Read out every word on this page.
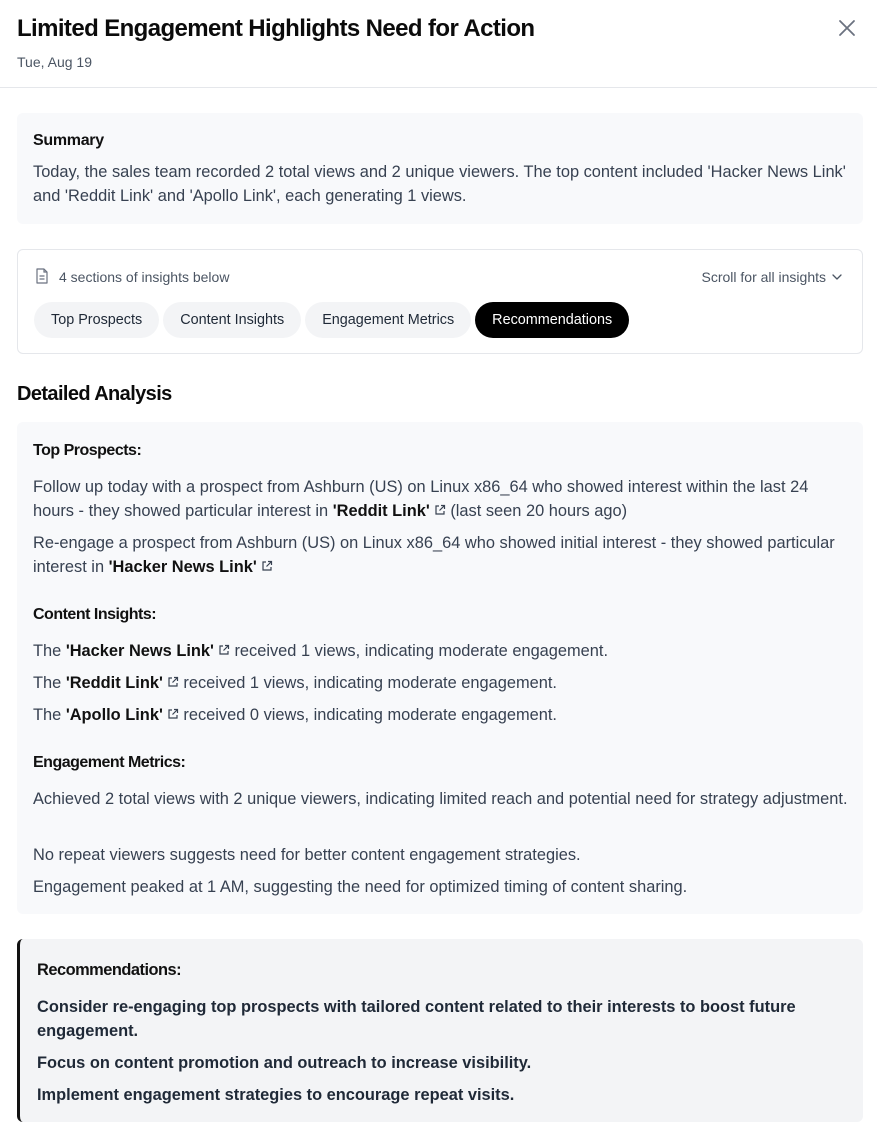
Limited Engagement Highlights Need for Action
Tue, Aug 19
Summary
Today, the sales team recorded 2 total views and 2 unique viewers. The top content included 'Hacker News Link' and 'Reddit Link' and 'Apollo Link', each generating 1 views.
4 sections of insights below	Scroll for all insights
Top Prospects	Content Insights	Engagement Metrics	Recommendations
Detailed Analysis
Top Prospects:
Follow up today with a prospect from Ashburn (US) on Linux x86_64 who showed interest within the last 24 hours - they showed particular interest in 'Reddit Link' (last seen 20 hours ago)
Re-engage a prospect from Ashburn (US) on Linux x86_64 who showed initial interest - they showed particular interest in 'Hacker News Link'
Content Insights:
The 'Hacker News Link' received 1 views, indicating moderate engagement.
The 'Reddit Link' received 1 views, indicating moderate engagement.
The 'Apollo Link' received 0 views, indicating moderate engagement.
Engagement Metrics:
Achieved 2 total views with 2 unique viewers, indicating limited reach and potential need for strategy adjustment.
No repeat viewers suggests need for better content engagement strategies.
Engagement peaked at 1 AM, suggesting the need for optimized timing of content sharing.
Recommendations:
Consider re-engaging top prospects with tailored content related to their interests to boost future engagement.
Focus on content promotion and outreach to increase visibility.
Implement engagement strategies to encourage repeat visits.
